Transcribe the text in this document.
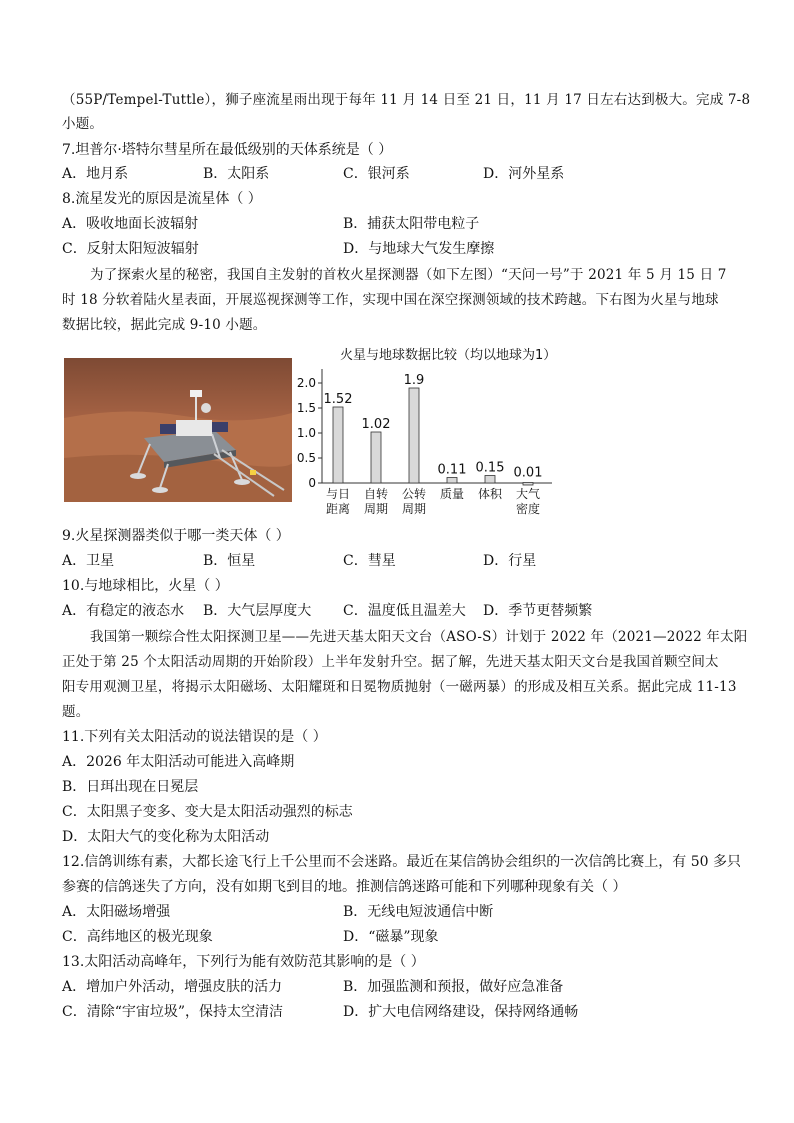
（55P/Tempel-Tuttle），狮子座流星雨出现于每年 11 月 14 日至 21 日，11 月 17 日左右达到极大。完成 7-8
小题。
7.坦普尔·塔特尔彗星所在最低级别的天体系统是（ ）
A．地月系	B．太阳系	C．银河系	D．河外星系
8.流星发光的原因是流星体（ ）
A．吸收地面长波辐射	B．捕获太阳带电粒子
C．反射太阳短波辐射	D．与地球大气发生摩擦
为了探索火星的秘密，我国自主发射的首枚火星探测器（如下左图）“天问一号”于 2021 年 5 月 15 日 7
时 18 分软着陆火星表面，开展巡视探测等工作，实现中国在深空探测领域的技术跨越。下右图为火星与地球
数据比较，据此完成 9-10 小题。
火星与地球数据比较（均以地球为1）
0
0.5
1.0
1.5
2.0
1.52
1.02
1.9
0.11 0.15 0.01
与日
距离
自转
周期
公转
周期
质量 体积 大气
密度
9.火星探测器类似于哪一类天体（ ）
A．卫星	B．恒星	C．彗星	D．行星
10.与地球相比，火星（ ）
A．有稳定的液态水 B．大气层厚度大 C．温度低且温差大 D．季节更替频繁
我国第一颗综合性太阳探测卫星——先进天基太阳天文台（ASO-S）计划于 2022 年（2021—2022 年太阳
正处于第 25 个太阳活动周期的开始阶段）上半年发射升空。据了解，先进天基太阳天文台是我国首颗空间太
阳专用观测卫星，将揭示太阳磁场、太阳耀斑和日冕物质抛射（一磁两暴）的形成及相互关系。据此完成 11-13
题。
11.下列有关太阳活动的说法错误的是（ ）
A．2026 年太阳活动可能进入高峰期
B．日珥出现在日冕层
C．太阳黑子变多、变大是太阳活动强烈的标志
D．太阳大气的变化称为太阳活动
12.信鸽训练有素，大都长途飞行上千公里而不会迷路。最近在某信鸽协会组织的一次信鸽比赛上，有 50 多只
参赛的信鸽迷失了方向，没有如期飞到目的地。推测信鸽迷路可能和下列哪种现象有关（ ）
A．太阳磁场增强	B．无线电短波通信中断
C．高纬地区的极光现象	D．“磁暴”现象
13.太阳活动高峰年，下列行为能有效防范其影响的是（ ）
A．增加户外活动，增强皮肤的活力	B．加强监测和预报，做好应急准备
C．清除“宇宙垃圾”，保持太空清洁	D．扩大电信网络建设，保持网络通畅
